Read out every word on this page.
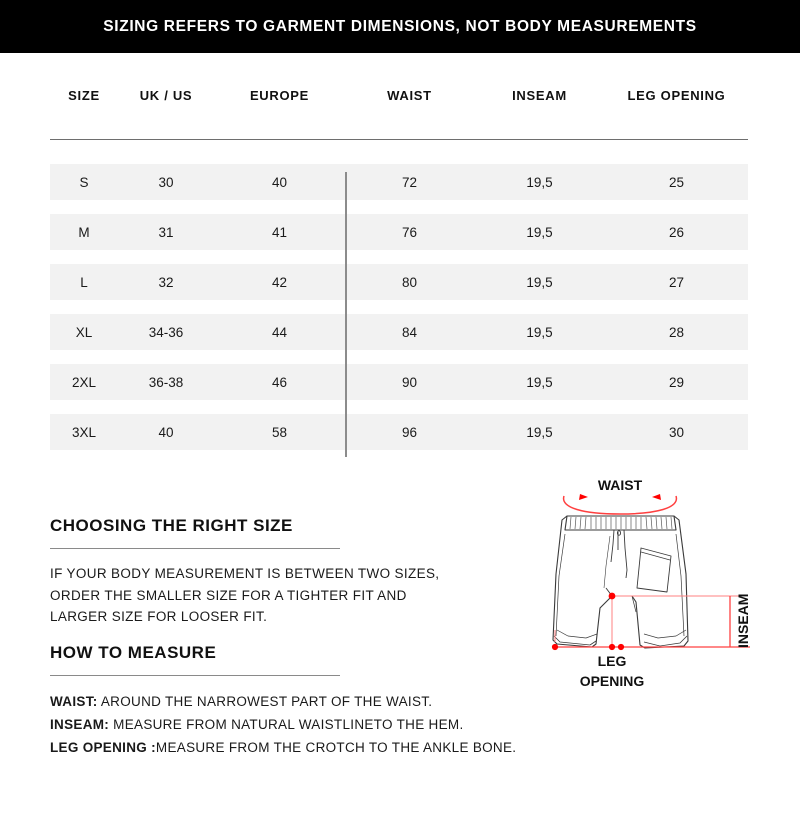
SIZING REFERS TO GARMENT DIMENSIONS, NOT BODY MEASUREMENTS
SIZE	UK / US	EUROPE	WAIST	INSEAM	LEG OPENING

S	30	40	72	19,5	25

M	31	41	76	19,5	26

L	32	42	80	19,5	27

XL	34-36	44	84	19,5	28

2XL	36-38	46	90	19,5	29

3XL	40	58	96	19,5	30
CHOOSING THE RIGHT SIZE

IF YOUR BODY MEASUREMENT IS BETWEEN TWO SIZES,

ORDER THE SMALLER SIZE FOR A TIGHTER FIT AND

LARGER SIZE FOR LOOSER FIT.

HOW TO MEASURE

WAIST: AROUND THE NARROWEST PART OF THE WAIST.

INSEAM: MEASURE FROM NATURAL WAISTLINETO THE HEM.

LEG OPENING :MEASURE FROM THE CROTCH TO THE ANKLE BONE.

WAIST
LEG
OPENING
INSEAM
